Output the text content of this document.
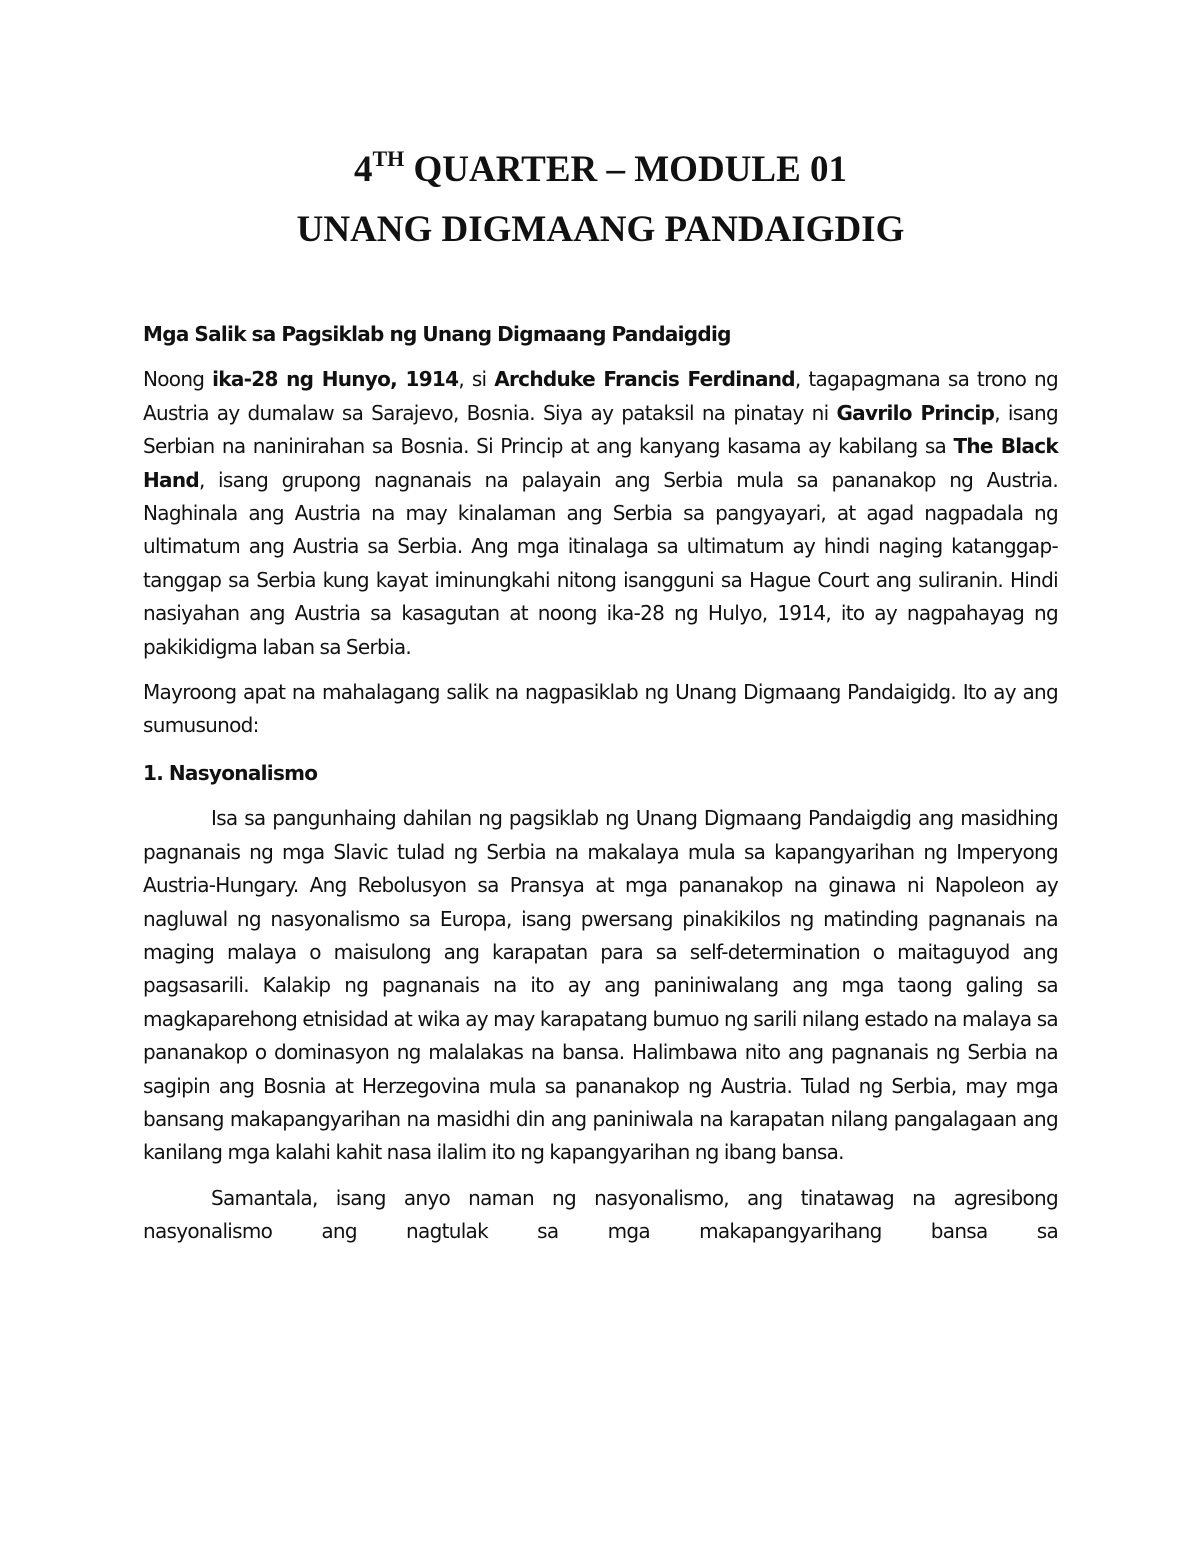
4TH QUARTER – MODULE 01
UNANG DIGMAANG PANDAIGDIG

Mga Salik sa Pagsiklab ng Unang Digmaang Pandaigdig

Noong ika-28 ng Hunyo, 1914, si Archduke Francis Ferdinand, tagapagmana sa trono ng Austria ay dumalaw sa Sarajevo, Bosnia. Siya ay pataksil na pinatay ni Gavrilo Princip, isang Serbian na naninirahan sa Bosnia. Si Princip at ang kanyang kasama ay kabilang sa The Black Hand, isang grupong nagnanais na palayain ang Serbia mula sa pananakop ng Austria. Naghinala ang Austria na may kinalaman ang Serbia sa pangyayari, at agad nagpadala ng ultimatum ang Austria sa Serbia. Ang mga itinalaga sa ultimatum ay hindi naging katanggap-tanggap sa Serbia kung kayat iminungkahi nitong isangguni sa Hague Court ang suliranin. Hindi nasiyahan ang Austria sa kasagutan at noong ika-28 ng Hulyo, 1914, ito ay nagpahayag ng pakikidigma laban sa Serbia.

Mayroong apat na mahalagang salik na nagpasiklab ng Unang Digmaang Pandaigidg. Ito ay ang sumusunod:

1. Nasyonalismo

Isa sa pangunhaing dahilan ng pagsiklab ng Unang Digmaang Pandaigdig ang masidhing pagnanais ng mga Slavic tulad ng Serbia na makalaya mula sa kapangyarihan ng Imperyong Austria-Hungary. Ang Rebolusyon sa Pransya at mga pananakop na ginawa ni Napoleon ay nagluwal ng nasyonalismo sa Europa, isang pwersang pinakikilos ng matinding pagnanais na maging malaya o maisulong ang karapatan para sa self-determination o maitaguyod ang pagsasarili. Kalakip ng pagnanais na ito ay ang paniniwalang ang mga taong galing sa magkaparehong etnisidad at wika ay may karapatang bumuo ng sarili nilang estado na malaya sa pananakop o dominasyon ng malalakas na bansa. Halimbawa nito ang pagnanais ng Serbia na sagipin ang Bosnia at Herzegovina mula sa pananakop ng Austria. Tulad ng Serbia, may mga bansang makapangyarihan na masidhi din ang paniniwala na karapatan nilang pangalagaan ang kanilang mga kalahi kahit nasa ilalim ito ng kapangyarihan ng ibang bansa.

Samantala, isang anyo naman ng nasyonalismo, ang tinatawag na agresibong nasyonalismo ang nagtulak sa mga makapangyarihang bansa sa
